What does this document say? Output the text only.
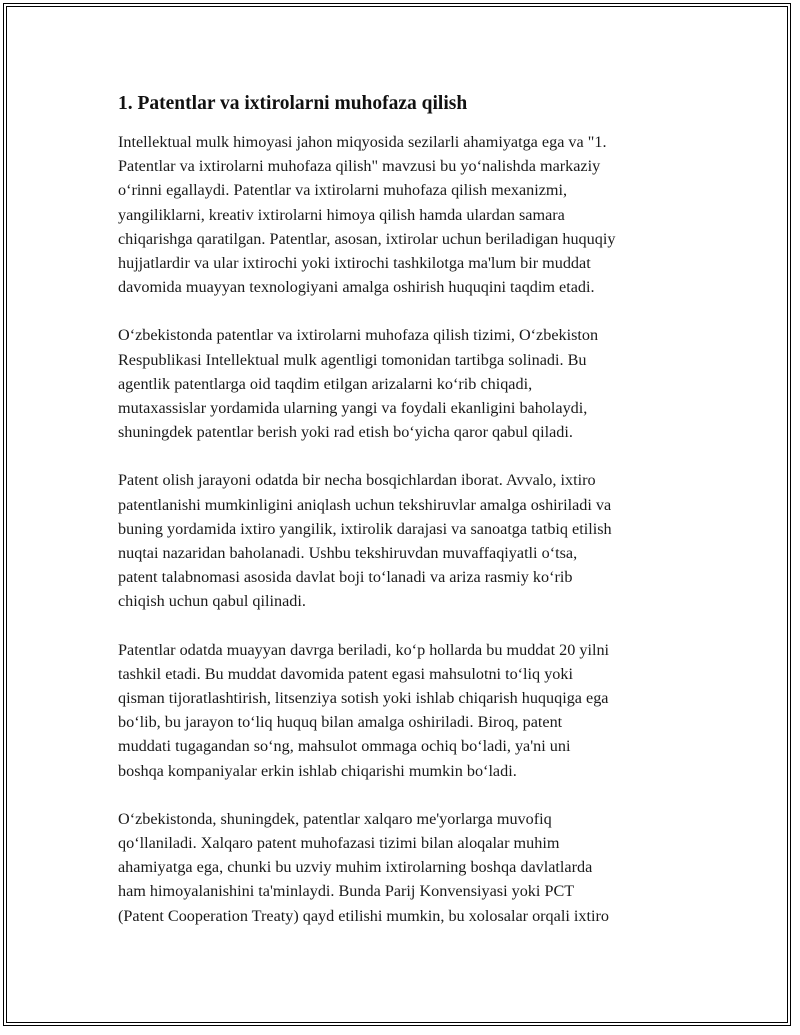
1. Patentlar va ixtirolarni muhofaza qilish

Intellektual mulk himoyasi jahon miqyosida sezilarli ahamiyatga ega va "1.
Patentlar va ixtirolarni muhofaza qilish" mavzusi bu yo‘nalishda markaziy
o‘rinni egallaydi. Patentlar va ixtirolarni muhofaza qilish mexanizmi,
yangiliklarni, kreativ ixtirolarni himoya qilish hamda ulardan samara
chiqarishga qaratilgan. Patentlar, asosan, ixtirolar uchun beriladigan huquqiy
hujjatlardir va ular ixtirochi yoki ixtirochi tashkilotga ma'lum bir muddat
davomida muayyan texnologiyani amalga oshirish huquqini taqdim etadi.

O‘zbekistonda patentlar va ixtirolarni muhofaza qilish tizimi, O‘zbekiston
Respublikasi Intellektual mulk agentligi tomonidan tartibga solinadi. Bu
agentlik patentlarga oid taqdim etilgan arizalarni ko‘rib chiqadi,
mutaxassislar yordamida ularning yangi va foydali ekanligini baholaydi,
shuningdek patentlar berish yoki rad etish bo‘yicha qaror qabul qiladi.

Patent olish jarayoni odatda bir necha bosqichlardan iborat. Avvalo, ixtiro
patentlanishi mumkinligini aniqlash uchun tekshiruvlar amalga oshiriladi va
buning yordamida ixtiro yangilik, ixtirolik darajasi va sanoatga tatbiq etilish
nuqtai nazaridan baholanadi. Ushbu tekshiruvdan muvaffaqiyatli o‘tsa,
patent talabnomasi asosida davlat boji to‘lanadi va ariza rasmiy ko‘rib
chiqish uchun qabul qilinadi.

Patentlar odatda muayyan davrga beriladi, ko‘p hollarda bu muddat 20 yilni
tashkil etadi. Bu muddat davomida patent egasi mahsulotni to‘liq yoki
qisman tijoratlashtirish, litsenziya sotish yoki ishlab chiqarish huquqiga ega
bo‘lib, bu jarayon to‘liq huquq bilan amalga oshiriladi. Biroq, patent
muddati tugagandan so‘ng, mahsulot ommaga ochiq bo‘ladi, ya'ni uni
boshqa kompaniyalar erkin ishlab chiqarishi mumkin bo‘ladi.

O‘zbekistonda, shuningdek, patentlar xalqaro me'yorlarga muvofiq
qo‘llaniladi. Xalqaro patent muhofazasi tizimi bilan aloqalar muhim
ahamiyatga ega, chunki bu uzviy muhim ixtirolarning boshqa davlatlarda
ham himoyalanishini ta'minlaydi. Bunda Parij Konvensiyasi yoki PCT
(Patent Cooperation Treaty) qayd etilishi mumkin, bu xolosalar orqali ixtiro
